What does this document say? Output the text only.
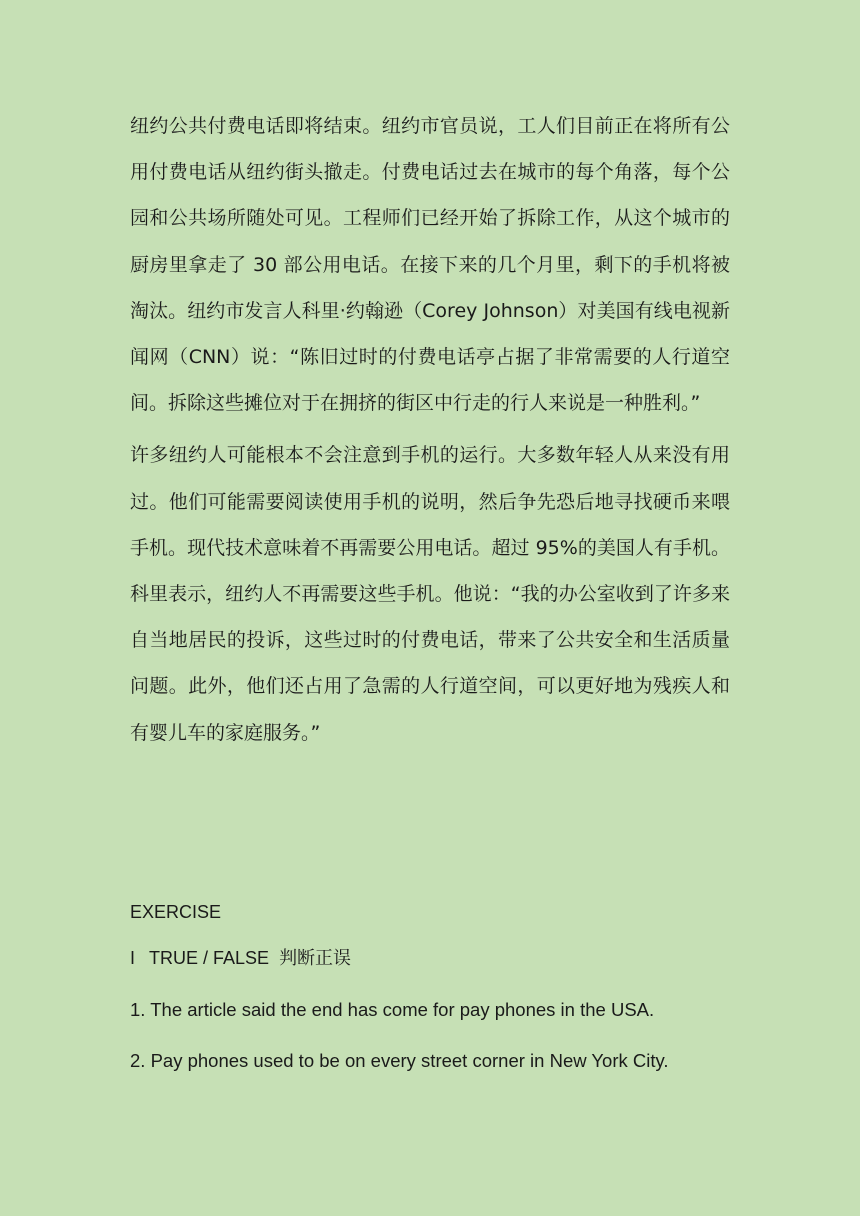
纽约公共付费电话即将结束。纽约市官员说，工人们目前正在将所有公用付费电话从纽约街头撤走。付费电话过去在城市的每个角落，每个公园和公共场所随处可见。工程师们已经开始了拆除工作，从这个城市的厨房里拿走了 30 部公用电话。在接下来的几个月里，剩下的手机将被淘汰。纽约市发言人科里·约翰逊（Corey Johnson）对美国有线电视新闻网（CNN）说：“陈旧过时的付费电话亭占据了非常需要的人行道空间。拆除这些摊位对于在拥挤的街区中行走的行人来说是一种胜利。”

许多纽约人可能根本不会注意到手机的运行。大多数年轻人从来没有用过。他们可能需要阅读使用手机的说明，然后争先恐后地寻找硬币来喂手机。现代技术意味着不再需要公用电话。超过 95%的美国人有手机。科里表示，纽约人不再需要这些手机。他说：“我的办公室收到了许多来自当地居民的投诉，这些过时的付费电话，带来了公共安全和生活质量问题。此外，他们还占用了急需的人行道空间，可以更好地为残疾人和有婴儿车的家庭服务。”

EXERCISE

I TRUE / FALSE 判断正误

1. The article said the end has come for pay phones in the USA.

2. Pay phones used to be on every street corner in New York City.
